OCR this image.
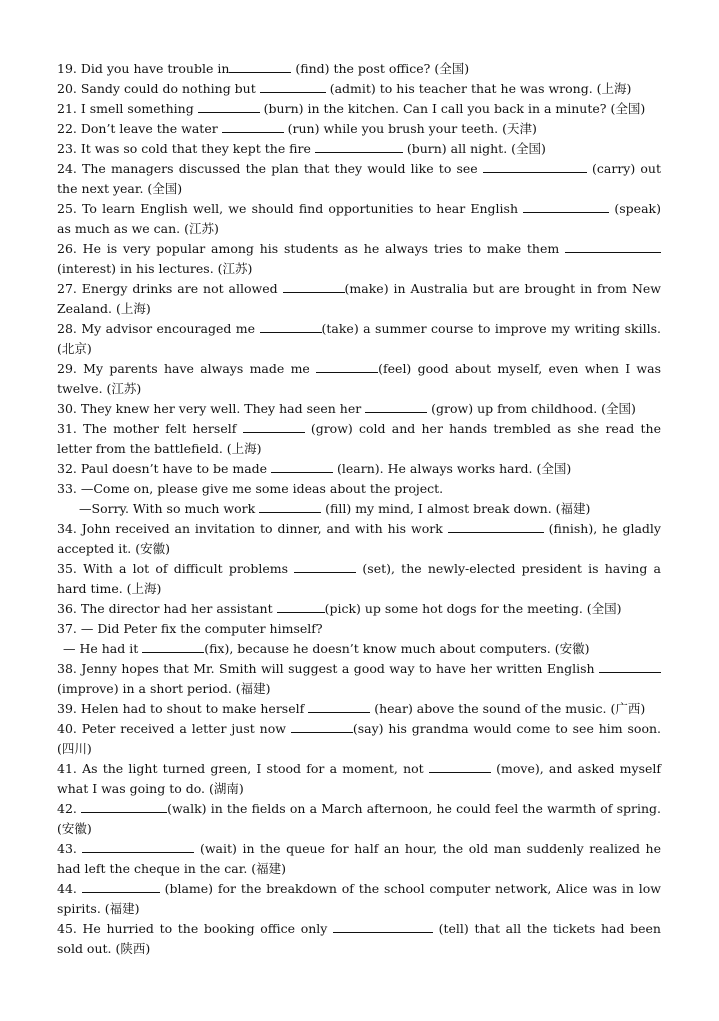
19. Did you have trouble in	(find) the post office? (全国)

20. Sandy could do nothing but	(admit) to his teacher that he was wrong. (上海)

21. I smell something	(burn) in the kitchen. Can I call you back in a minute? (全国)

22. Don’t leave the water	(run) while you brush your teeth. (天津)

23. It was so cold that they kept the fire	(burn) all night. (全国)

24. The managers discussed the plan that they would like to see	(carry) out the next year. (全国)

25. To learn English well, we should find opportunities to hear English	(speak) as much as we can. (江苏)

26. He is very popular among his students as he always tries to make them (interest) in his lectures. (江苏)

27. Energy drinks are not allowed	(make) in Australia but are brought in from New Zealand. (上海)

28. My advisor encouraged me	(take) a summer course to improve my writing skills. (北京)

29. My parents have always made me	(feel) good about myself, even when I was twelve. (江苏)

30. They knew her very well. They had seen her	(grow) up from childhood. (全国)

31. The mother felt herself	(grow) cold and her hands trembled as she read the letter from the battlefield. (上海)

32. Paul doesn’t have to be made	(learn). He always works hard. (全国)

33. —Come on, please give me some ideas about the project.

—Sorry. With so much work	(fill) my mind, I almost break down. (福建)

34. John received an invitation to dinner, and with his work	(finish), he gladly accepted it. (安徽)

35. With a lot of difficult problems	(set), the newly-elected president is having a hard time. (上海)

36. The director had her assistant	(pick) up some hot dogs for the meeting. (全国)

37. — Did Peter fix the computer himself?

— He had it	(fix), because he doesn’t know much about computers. (安徽)

38. Jenny hopes that Mr. Smith will suggest a good way to have her written English  (improve) in a short period. (福建)

39. Helen had to shout to make herself	(hear) above the sound of the music. (广西)

40. Peter received a letter just now	(say) his grandma would come to see him soon. (四川)

41. As the light turned green, I stood for a moment, not	(move), and asked myself what I was going to do. (湖南)

42.	(walk) in the fields on a March afternoon, he could feel the warmth of spring. (安徽)

43.	(wait) in the queue for half an hour, the old man suddenly realized he had left the cheque in the car. (福建)

44.	(blame) for the breakdown of the school computer network, Alice was in low spirits. (福建)

45. He hurried to the booking office only	(tell) that all the tickets had been sold out. (陕西)
